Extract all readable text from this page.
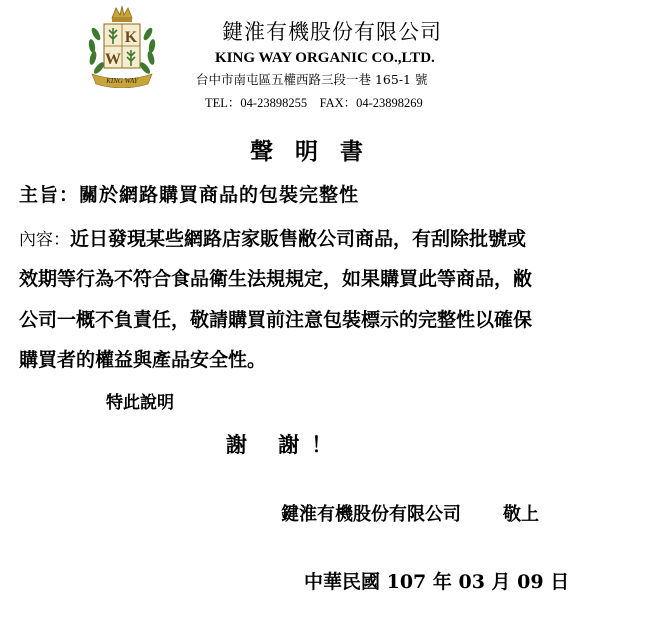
K
W
KING WAY
鍵淮有機股份有限公司
KING WAY ORGANIC CO.,LTD.
台中市南屯區五權西路三段一巷 165-1 號
TEL：04-23898255　FAX：04-23898269
聲明書
主旨：關於網路購買商品的包裝完整性
內容：近日發現某些網路店家販售敝公司商品，有刮除批號或
效期等行為不符合食品衛生法規規定，如果購買此等商品，敝
公司一概不負責任，敬請購買前注意包裝標示的完整性以確保
購買者的權益與產品安全性。
特此說明
謝 謝！
鍵淮有機股份有限公司 敬上
中華民國 107 年 03 月 09 日
